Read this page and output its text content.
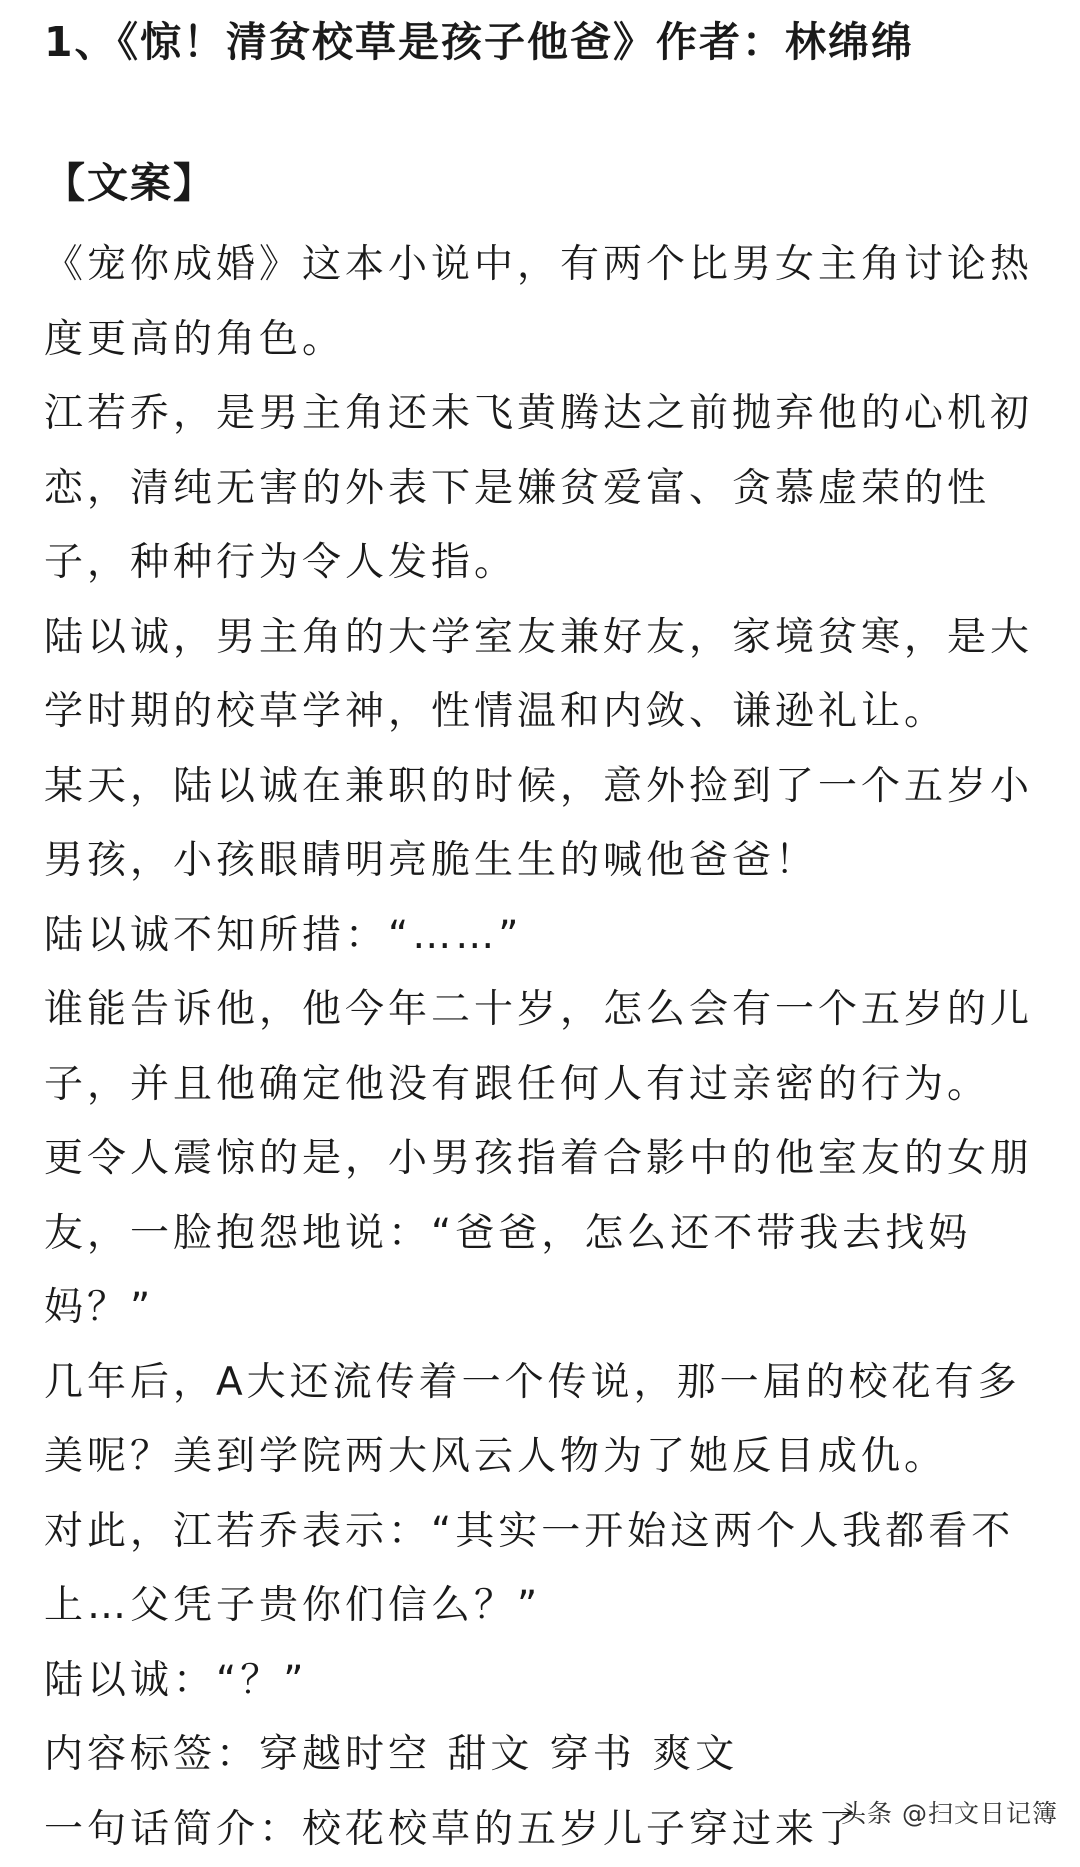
1、《惊！清贫校草是孩子他爸》作者：林绵绵
【文案】

《宠你成婚》这本小说中，有两个比男女主角讨论热度更高的角色。

江若乔，是男主角还未飞黄腾达之前抛弃他的心机初恋，清纯无害的外表下是嫌贫爱富、贪慕虚荣的性子，种种行为令人发指。

陆以诚，男主角的大学室友兼好友，家境贫寒，是大学时期的校草学神，性情温和内敛、谦逊礼让。

某天，陆以诚在兼职的时候，意外捡到了一个五岁小男孩，小孩眼睛明亮脆生生的喊他爸爸！

陆以诚不知所措：“……”

谁能告诉他，他今年二十岁，怎么会有一个五岁的儿子，并且他确定他没有跟任何人有过亲密的行为。

更令人震惊的是，小男孩指着合影中的他室友的女朋友，一脸抱怨地说：“爸爸，怎么还不带我去找妈妈？”

几年后，A大还流传着一个传说，那一届的校花有多美呢？美到学院两大风云人物为了她反目成仇。

对此，江若乔表示：“其实一开始这两个人我都看不上…父凭子贵你们信么？”

陆以诚：“？”

内容标签：穿越时空 甜文 穿书 爽文

一句话简介：校花校草的五岁儿子穿过来了

头条 @扫文日记簿
